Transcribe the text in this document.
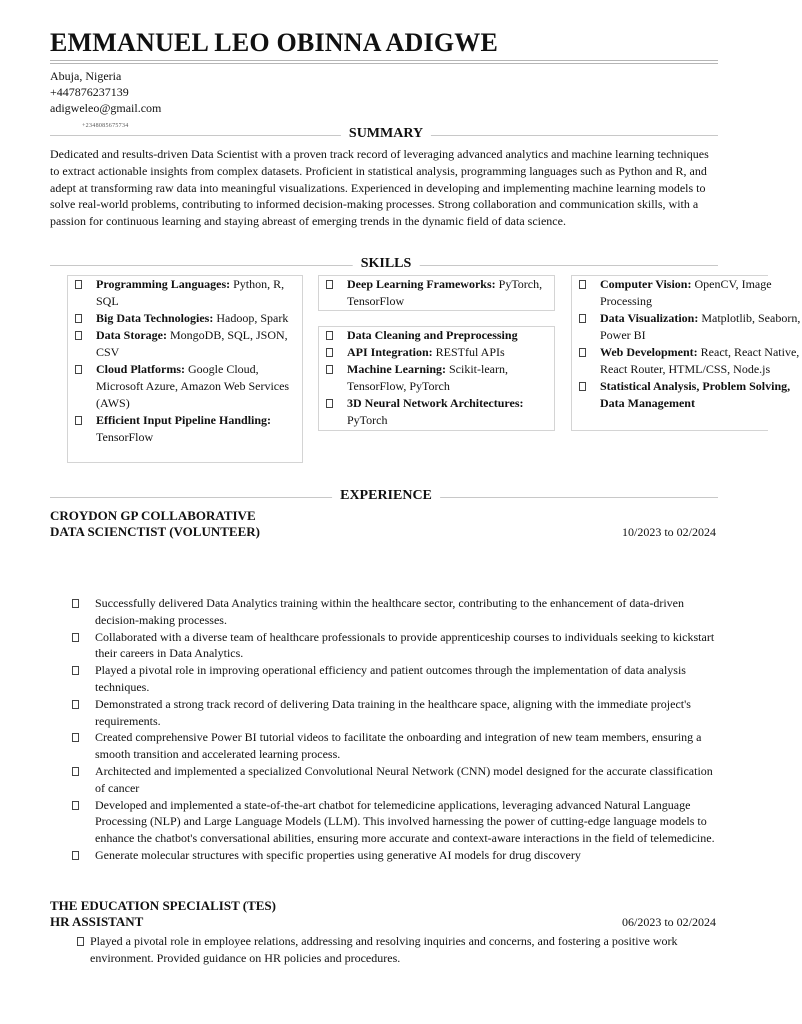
EMMANUEL LEO OBINNA ADIGWE
Abuja, Nigeria
+447876237139
adigweleo@gmail.com
+2348085675734	SUMMARY
Dedicated and results-driven Data Scientist with a proven track record of leveraging advanced analytics and machine learning techniques to extract actionable insights from complex datasets. Proficient in statistical analysis, programming languages such as Python and R, and adept at transforming raw data into meaningful visualizations. Experienced in developing and implementing machine learning models to solve real-world problems, contributing to informed decision-making processes. Strong collaboration and communication skills, with a passion for continuous learning and staying abreast of emerging trends in the dynamic field of data science.
SKILLS
Programming Languages: Python, R, SQL
Big Data Technologies: Hadoop, Spark
Data Storage: MongoDB, SQL, JSON, CSV
Cloud Platforms: Google Cloud, Microsoft Azure, Amazon Web Services (AWS)
Efficient Input Pipeline Handling: TensorFlow
Deep Learning Frameworks: PyTorch, TensorFlow
Data Cleaning and Preprocessing
API Integration: RESTful APIs
Machine Learning: Scikit-learn, TensorFlow, PyTorch
3D Neural Network Architectures: PyTorch
Computer Vision: OpenCV, Image Processing
Data Visualization: Matplotlib, Seaborn, Power BI
Web Development: React, React Native, React Router, HTML/CSS, Node.js
Statistical Analysis, Problem Solving, Data Management
EXPERIENCE
CROYDON GP COLLABORATIVE
DATA SCIENCTIST (VOLUNTEER)	10/2023 to 02/2024
Successfully delivered Data Analytics training within the healthcare sector, contributing to the enhancement of data-driven decision-making processes.
Collaborated with a diverse team of healthcare professionals to provide apprenticeship courses to individuals seeking to kickstart their careers in Data Analytics.
Played a pivotal role in improving operational efficiency and patient outcomes through the implementation of data analysis techniques.
Demonstrated a strong track record of delivering Data training in the healthcare space, aligning with the immediate project's requirements.
Created comprehensive Power BI tutorial videos to facilitate the onboarding and integration of new team members, ensuring a smooth transition and accelerated learning process.
Architected and implemented a specialized Convolutional Neural Network (CNN) model designed for the accurate classification of cancer
Developed and implemented a state-of-the-art chatbot for telemedicine applications, leveraging advanced Natural Language Processing (NLP) and Large Language Models (LLM). This involved harnessing the power of cutting-edge language models to enhance the chatbot's conversational abilities, ensuring more accurate and context-aware interactions in the field of telemedicine.
Generate molecular structures with specific properties using generative AI models for drug discovery
THE EDUCATION SPECIALIST (TES)
HR ASSISTANT	06/2023 to 02/2024
Played a pivotal role in employee relations, addressing and resolving inquiries and concerns, and fostering a positive work environment. Provided guidance on HR policies and procedures.
